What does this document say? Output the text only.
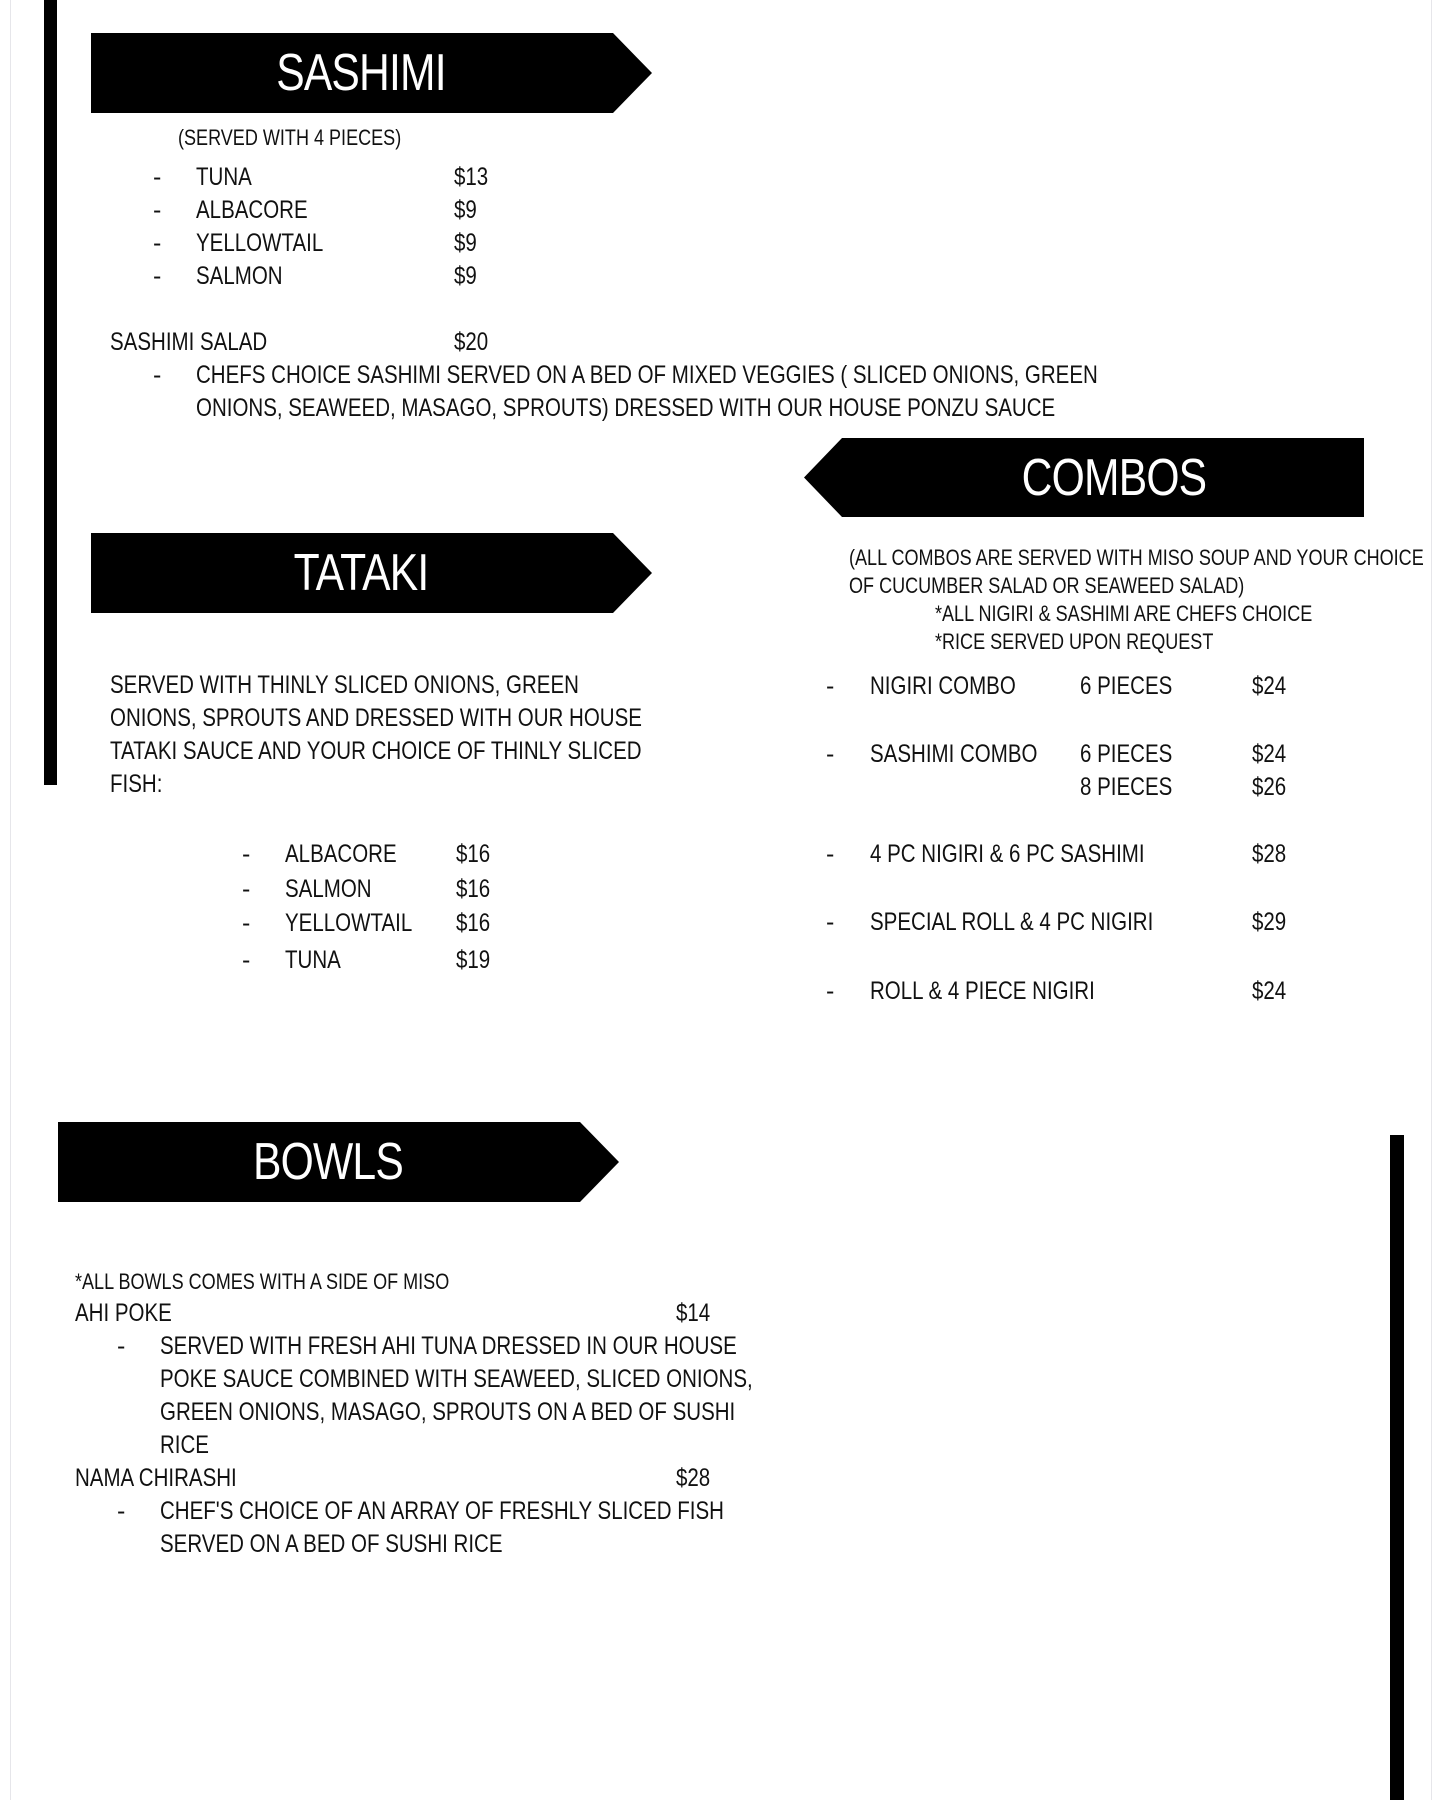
SASHIMI
(SERVED WITH 4 PIECES)
- TUNA	$13
- ALBACORE	$9
- YELLOWTAIL	$9
- SALMON	$9
SASHIMI SALAD	$20
- CHEFS CHOICE SASHIMI SERVED ON A BED OF MIXED VEGGIES ( SLICED ONIONS, GREEN
ONIONS, SEAWEED, MASAGO, SPROUTS) DRESSED WITH OUR HOUSE PONZU SAUCE
COMBOS
(ALL COMBOS ARE SERVED WITH MISO SOUP AND YOUR CHOICE
OF CUCUMBER SALAD OR SEAWEED SALAD)
*ALL NIGIRI & SASHIMI ARE CHEFS CHOICE
*RICE SERVED UPON REQUEST
- NIGIRI COMBO	6 PIECES	$24
- SASHIMI COMBO 6 PIECES	$24
8 PIECES	$26
- 4 PC NIGIRI & 6 PC SASHIMI	$28
- SPECIAL ROLL & 4 PC NIGIRI	$29
- ROLL & 4 PIECE NIGIRI	$24
TATAKI
SERVED WITH THINLY SLICED ONIONS, GREEN
ONIONS, SPROUTS AND DRESSED WITH OUR HOUSE
TATAKI SAUCE AND YOUR CHOICE OF THINLY SLICED
FISH:
- ALBACORE $16
- SALMON	$16
- YELLOWTAIL $16
- TUNA	$19
BOWLS
*ALL BOWLS COMES WITH A SIDE OF MISO
AHI POKE	$14
- SERVED WITH FRESH AHI TUNA DRESSED IN OUR HOUSE
POKE SAUCE COMBINED WITH SEAWEED, SLICED ONIONS,
GREEN ONIONS, MASAGO, SPROUTS ON A BED OF SUSHI
RICE
NAMA CHIRASHI	$28
- CHEF'S CHOICE OF AN ARRAY OF FRESHLY SLICED FISH
SERVED ON A BED OF SUSHI RICE
